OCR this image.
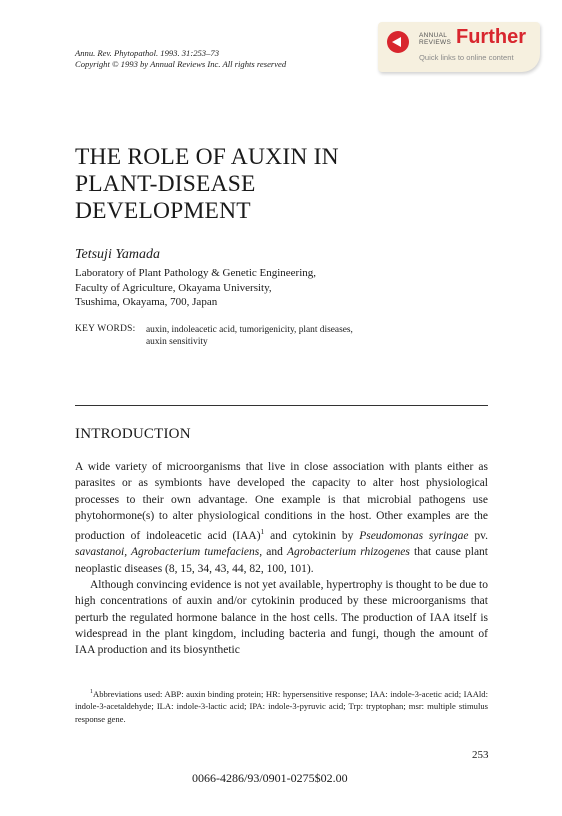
Annu. Rev. Phytopathol. 1993. 31:253–73
Copyright © 1993 by Annual Reviews Inc. All rights reserved
ANNUAL
REVIEWS Further
Quick links to online content
THE ROLE OF AUXIN IN
PLANT-DISEASE
DEVELOPMENT
Tetsuji Yamada
Laboratory of Plant Pathology & Genetic Engineering,
Faculty of Agriculture, Okayama University,
Tsushima, Okayama, 700, Japan
KEY WORDS: auxin, indoleacetic acid, tumorigenicity, plant diseases,
auxin sensitivity
INTRODUCTION

A wide variety of microorganisms that live in close association with plants either as parasites or as symbionts have developed the capacity to alter host physiological processes to their own advantage. One example is that microbial pathogens use phytohormone(s) to alter physiological conditions in the host. Other examples are the production of indoleacetic acid (IAA)$^1$ and cytokinin by Pseudomonas syringae pv. savastanoi, Agrobacterium tumefaciens, and Agrobacterium rhizogenes that cause plant neoplastic diseases (8, 15, 34, 43, 44, 82, 100, 101).

Although convincing evidence is not yet available, hypertrophy is thought to be due to high concentrations of auxin and/or cytokinin produced by these microorganisms that perturb the regulated hormone balance in the host cells. The production of IAA itself is widespread in the plant kingdom, including bacteria and fungi, though the amount of IAA production and its biosynthetic

$^1$Abbreviations used: ABP: auxin binding protein; HR: hypersensitive response; IAA: indole-3-acetic acid; IAAld: indole-3-acetaldehyde; ILA: indole-3-lactic acid; IPA: indole-3-pyruvic acid; Trp: tryptophan; msr: multiple stimulus response gene.

253
0066-4286/93/0901-0275$02.00
